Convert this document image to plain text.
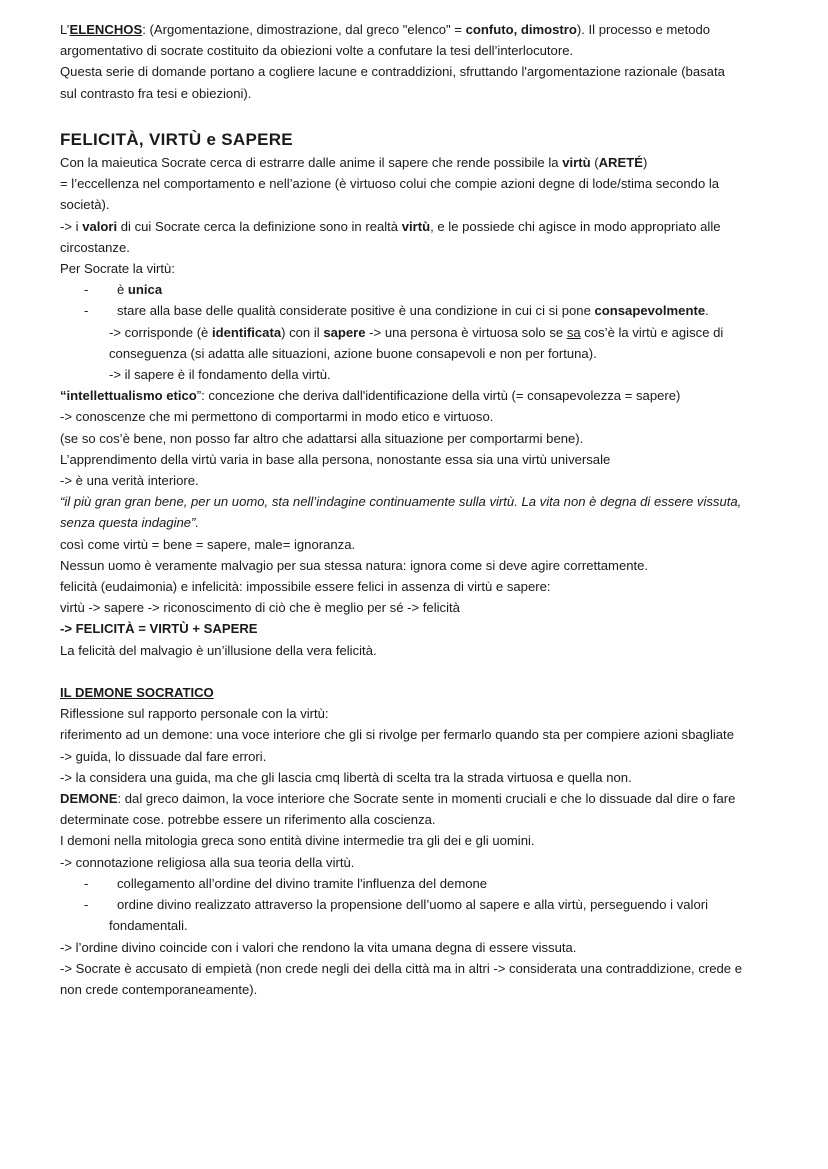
L’ELENCHOS: (Argomentazione, dimostrazione, dal greco "elenco" = confuto, dimostro). Il processo e metodo

argomentativo di socrate costituito da obiezioni volte a confutare la tesi dell’interlocutore.

Questa serie di domande portano a cogliere lacune e contraddizioni, sfruttando l'argomentazione razionale (basata

sul contrasto fra tesi e obiezioni).

FELICITÀ, VIRTÙ e SAPERE

Con la maieutica Socrate cerca di estrarre dalle anime il sapere che rende possibile la virtù (ARETÉ)

= l’eccellenza nel comportamento e nell’azione (è virtuoso colui che compie azioni degne di lode/stima secondo la

società).

-> i valori di cui Socrate cerca la definizione sono in realtà virtù, e le possiede chi agisce in modo appropriato alle

circostanze.

Per Socrate la virtù:

-	è unica
-	stare alla base delle qualità considerate positive è una condizione in cui ci si pone consapevolmente.

-> corrisponde (è identificata) con il sapere -> una persona è virtuosa solo se sa cos’è la virtù e agisce di

conseguenza (si adatta alle situazioni, azione buone consapevoli e non per fortuna).

-> il sapere è il fondamento della virtù.

“intellettualismo etico”: concezione che deriva dall'identificazione della virtù (= consapevolezza = sapere)

-> conoscenze che mi permettono di comportarmi in modo etico e virtuoso.

(se so cos’è bene, non posso far altro che adattarsi alla situazione per comportarmi bene).

L’apprendimento della virtù varia in base alla persona, nonostante essa sia una virtù universale

-> è una verità interiore.

“il più gran gran bene, per un uomo, sta nell’indagine continuamente sulla virtù. La vita non è degna di essere vissuta,

senza questa indagine”.

così come virtù = bene = sapere, male= ignoranza.

Nessun uomo è veramente malvagio per sua stessa natura: ignora come si deve agire correttamente.

felicità (eudaimonia) e infelicità: impossibile essere felici in assenza di virtù e sapere:

virtù -> sapere -> riconoscimento di ciò che è meglio per sé -> felicità

-> FELICITÀ = VIRTÙ + SAPERE

La felicità del malvagio è un’illusione della vera felicità.

IL DEMONE SOCRATICO

Riflessione sul rapporto personale con la virtù:

riferimento ad un demone: una voce interiore che gli si rivolge per fermarlo quando sta per compiere azioni sbagliate

-> guida, lo dissuade dal fare errori.

-> la considera una guida, ma che gli lascia cmq libertà di scelta tra la strada virtuosa e quella non.

DEMONE: dal greco daimon, la voce interiore che Socrate sente in momenti cruciali e che lo dissuade dal dire o fare

determinate cose. potrebbe essere un riferimento alla coscienza.

I demoni nella mitologia greca sono entità divine intermedie tra gli dei e gli uomini.

-> connotazione religiosa alla sua teoria della virtù.

-	collegamento all’ordine del divino tramite l'influenza del demone
-	ordine divino realizzato attraverso la propensione dell’uomo al sapere e alla virtù, perseguendo i valori

fondamentali.

-> l’ordine divino coincide con i valori che rendono la vita umana degna di essere vissuta.

-> Socrate è accusato di empietà (non crede negli dei della città ma in altri -> considerata una contraddizione, crede e

non crede contemporaneamente).
